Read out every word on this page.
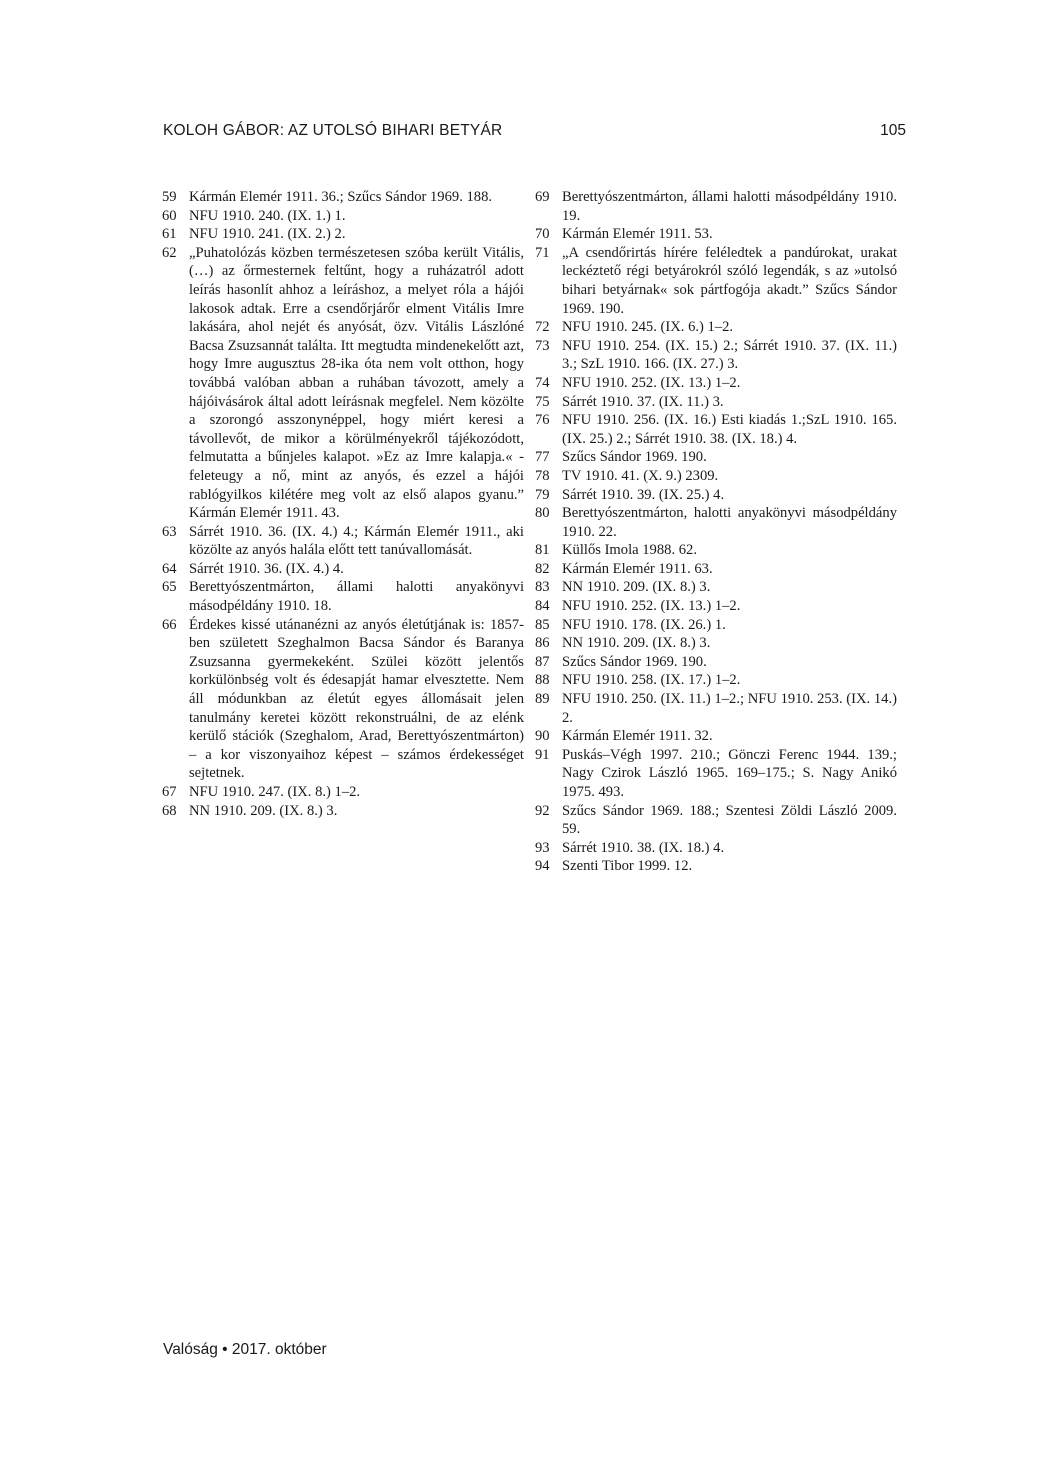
KOLOH GÁBOR: AZ UTOLSÓ BIHARI BETYÁR	105
59 Kármán Elemér 1911. 36.; Szűcs Sándor 1969. 188.
60 NFU 1910. 240. (IX. 1.) 1.
61 NFU 1910. 241. (IX. 2.) 2.
62 „Puhatolózás közben természetesen szóba került Vitális, (…) az őrmesternek feltűnt, hogy a ruházatról adott leírás hasonlít ahhoz a leíráshoz, a melyet róla a hájói lakosok adtak. Erre a csendőrjárőr elment Vitális Imre lakására, ahol nejét és anyósát, özv. Vitális Lászlóné Bacsa Zsuzsannát találta. Itt megtudta mindenekelőtt azt, hogy Imre augusztus 28-ika óta nem volt otthon, hogy továbbá valóban abban a ruhában távozott, amely a hájóivásárok által adott leírásnak megfelel. Nem közölte a szorongó asszonynéppel, hogy miért keresi a távollevőt, de mikor a körülményekről tájékozódott, felmutatta a bűnjeles kalapot. »Ez az Imre kalapja.« -feleteugy a nő, mint az anyós, és ezzel a hájói rablógyilkos kilétére meg volt az első alapos gyanu.” Kármán Elemér 1911. 43.
63 Sárrét 1910. 36. (IX. 4.) 4.; Kármán Elemér 1911., aki közölte az anyós halála előtt tett tanúvallomását.
64 Sárrét 1910. 36. (IX. 4.) 4.
65 Berettyószentmárton, állami halotti anyakönyvi másodpéldány 1910. 18.
66 Érdekes kissé utánanézni az anyós életútjának is: 1857-ben született Szeghalmon Bacsa Sándor és Baranya Zsuzsanna gyermekeként. Szülei között jelentős korkülönbség volt és édesapját hamar elvesztette. Nem áll módunkban az életút egyes állomásait jelen tanulmány keretei között rekonstruálni, de az elénk kerülő stációk (Szeghalom, Arad, Berettyószentmárton) – a kor viszonyaihoz képest – számos érdekességet sejtetnek.
67 NFU 1910. 247. (IX. 8.) 1–2.
68 NN 1910. 209. (IX. 8.) 3.
69 Berettyószentmárton, állami halotti másodpéldány 1910. 19.
70 Kármán Elemér 1911. 53.
71 „A csendőrirtás hírére feléledtek a pandúrokat, urakat leckéztető régi betyárokról szóló legendák, s az »utolsó bihari betyárnak« sok pártfogója akadt.” Szűcs Sándor 1969. 190.
72 NFU 1910. 245. (IX. 6.) 1–2.
73 NFU 1910. 254. (IX. 15.) 2.; Sárrét 1910. 37. (IX. 11.) 3.; SzL 1910. 166. (IX. 27.) 3.
74 NFU 1910. 252. (IX. 13.) 1–2.
75 Sárrét 1910. 37. (IX. 11.) 3.
76 NFU 1910. 256. (IX. 16.) Esti kiadás 1.;SzL 1910. 165. (IX. 25.) 2.; Sárrét 1910. 38. (IX. 18.) 4.
77 Szűcs Sándor 1969. 190.
78 TV 1910. 41. (X. 9.) 2309.
79 Sárrét 1910. 39. (IX. 25.) 4.
80 Berettyószentmárton, halotti anyakönyvi másodpéldány 1910. 22.
81 Küllős Imola 1988. 62.
82 Kármán Elemér 1911. 63.
83 NN 1910. 209. (IX. 8.) 3.
84 NFU 1910. 252. (IX. 13.) 1–2.
85 NFU 1910. 178. (IX. 26.) 1.
86 NN 1910. 209. (IX. 8.) 3.
87 Szűcs Sándor 1969. 190.
88 NFU 1910. 258. (IX. 17.) 1–2.
89 NFU 1910. 250. (IX. 11.) 1–2.; NFU 1910. 253. (IX. 14.) 2.
90 Kármán Elemér 1911. 32.
91 Puskás–Végh 1997. 210.; Gönczi Ferenc 1944. 139.; Nagy Czirok László 1965. 169–175.; S. Nagy Anikó 1975. 493.
92 Szűcs Sándor 1969. 188.; Szentesi Zöldi László 2009. 59.
93 Sárrét 1910. 38. (IX. 18.) 4.
94 Szenti Tibor 1999. 12.
Valóság • 2017. október
